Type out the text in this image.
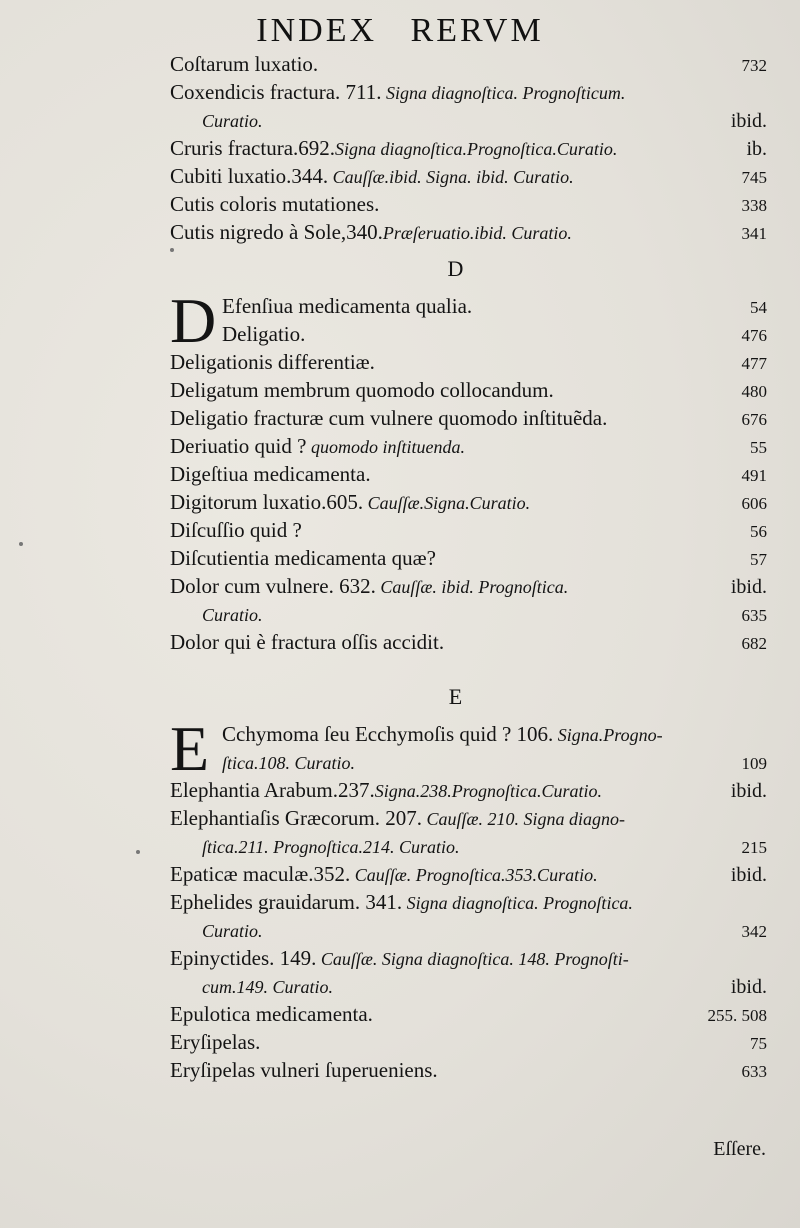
INDEX RERVM
Coſtarum luxatio.	732
Coxendicis fractura. 711. Signa diagnoſtica. Prognoſticum.
Curatio.	ibid.
Cruris fractura.692.Signa diagnoſtica.Prognoſtica.Curatio.	ib.
Cubiti luxatio.344. Cauſſæ.ibid. Signa. ibid. Curatio.	745
Cutis coloris mutationes.	338
Cutis nigredo à Sole,340.Præſeruatio.ibid. Curatio.	341
D
D Efenſiua medicamenta qualia.	54
Deligatio.	476
Deligationis differentiæ.	477
Deligatum membrum quomodo collocandum.	480
Deligatio fracturæ cum vulnere quomodo inſtituẽda.	676
Deriuatio quid ? quomodo inſtituenda.	55
Digeſtiua medicamenta.	491
Digitorum luxatio.605. Cauſſæ.Signa.Curatio.	606
Diſcuſſio quid ?	56
Diſcutientia medicamenta quæ?	57
Dolor cum vulnere. 632. Cauſſæ. ibid. Prognoſtica.	ibid.
Curatio.	635
Dolor qui è fractura oſſis accidit.	682
E
E Cchymoma ſeu Ecchymoſis quid ? 106. Signa.Progno-
ſtica.108. Curatio.	109
Elephantia Arabum.237.Signa.238.Prognoſtica.Curatio.	ibid.
Elephantiaſis Græcorum. 207. Cauſſæ. 210. Signa diagno-
ſtica.211. Prognoſtica.214. Curatio.	215
Epaticæ maculæ.352. Cauſſæ. Prognoſtica.353.Curatio.	ibid.
Ephelides grauidarum. 341. Signa diagnoſtica. Prognoſtica.
Curatio.	342
Epinyctides. 149. Cauſſæ. Signa diagnoſtica. 148. Prognoſti-
cum.149. Curatio.	ibid.
Epulotica medicamenta.	255. 508
Eryſipelas.	75
Eryſipelas vulneri ſuperueniens.	633
Eſſere.
